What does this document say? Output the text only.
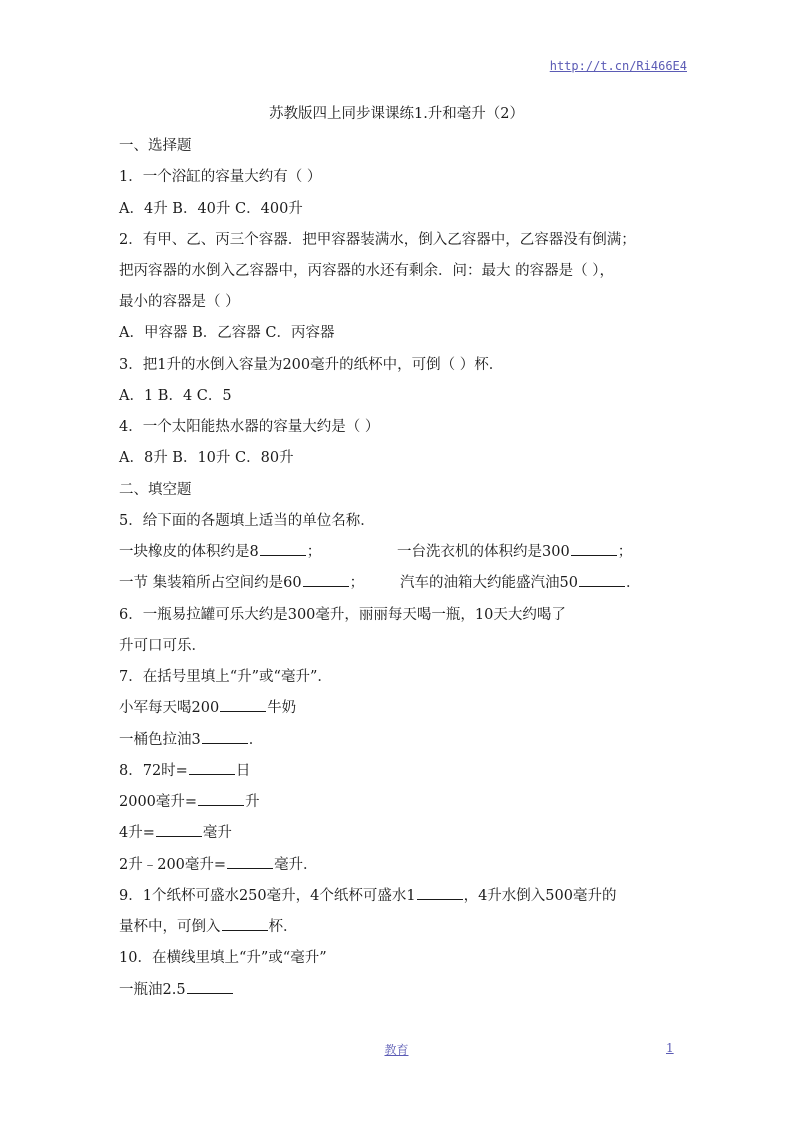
http://t.cn/Ri466E4
苏教版四上同步课课练1.升和毫升（2）
一、选择题
1．一个浴缸的容量大约有（ ）
A．4升 B．40升 C．400升
2．有甲、乙、丙三个容器．把甲容器装满水，倒入乙容器中，乙容器没有倒满；
把丙容器的水倒入乙容器中，丙容器的水还有剩余．问：最大 的容器是（ ），
最小的容器是（ ）
A．甲容器 B．乙容器 C．丙容器
3．把1升的水倒入容量为200毫升的纸杯中，可倒（ ）杯．
A．1 B．4 C．5
4．一个太阳能热水器的容量大约是（ ）
A．8升 B．10升 C．80升
二、填空题
5．给下面的各题填上适当的单位名称．
一块橡皮的体积约是8	；	一台洗衣机的体积约是300	；
一节 集装箱所占空间约是60	； 汽车的油箱大约能盛汽油50	．
6．一瓶易拉罐可乐大约是300毫升，丽丽每天喝一瓶，10天大约喝了
升可口可乐．
7．在括号里填上“升”或“毫升”．
小军每天喝200	牛奶
一桶色拉油3	．
8．72时=	日
2000毫升=	升
4升=	毫升
2升﹣200毫升=	毫升．
9．1个纸杯可盛水250毫升，4个纸杯可盛水1	，4升水倒入500毫升的
量杯中，可倒入	杯．
10．在横线里填上“升”或“毫升”
一瓶油2.5
教育	1
